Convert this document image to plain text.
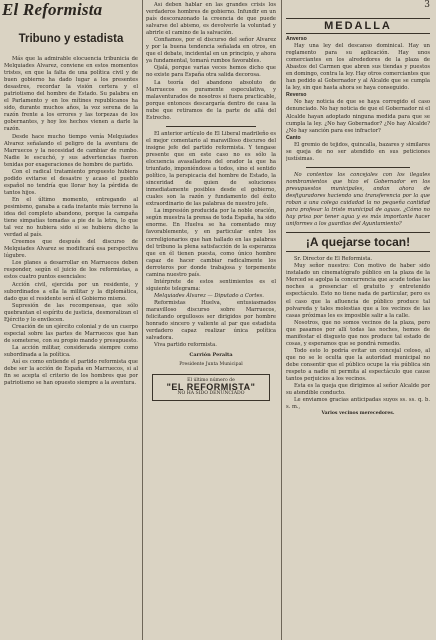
El Reformista	3
Tribuno y estadista

Más que la admirable elocuencia tribunicia de Melquiades Alvarez, conviene en estos momentos tristes, en que la falta de una política civil y de buen gobierno ha dado lugar a los presentes desastres, recordar la visión certera y el patriotismo del hombre de Estado. Su palabra en el Parlamento y en los mítines republicanos ha sido, durante muchos años, la voz serena de la razón frente a los errores y las torpezas de los gobernantes, y hoy los hechos vienen a darle la razón.

Desde hace mucho tiempo venía Melquiades Alvarez señalando el peligro de la aventura de Marruecos y la necesidad de cambiar de rumbo. Nadie le escuchó, y sus advertencias fueron tenidas por exageraciones de hombre de partido.

Con el radical tratamiento propuesto hubiera podido evitarse el desastre y acaso el pueblo español no tendría que llorar hoy la pérdida de tantos hijos.

En el último momento, entregando al pesimismo, ganaba a cada instante más terreno la idea del completo abandono, porque la campaña tiene simpatías tomadas a pie de la letra, lo que tal vez no hubiera sido si se hubiera dicho la verdad al país.

Creemos que después del discurso de Melquiades Alvarez se modificará esa perspectiva lúgubre.

Los planes a desarrollar en Marruecos deben responder, según el juicio de los reformistas, a estos cuatro puntos esenciales:

Acción civil, ejercida por un residente, y subordinados a ella la militar y la diplomática, dado que el residente será el Gobierno mismo.

Supresión de las recompensas, que sólo quebrantan el espíritu de justicia, desmoralizan el Ejército y lo envilecen.

Creación de un ejército colonial y de un cuerpo especial sobre las partes de Marruecos que han de someterse, con su propio mando y presupuesto.

La acción militar, considerada siempre como subordinada a la política.

Así es como entiende el partido reformista que debe ser la acción de España en Marruecos, si al fin se acepta el criterio de los hombres que por patriotismo se han opuesto siempre a la aventura.

Así deben hablar en las grandes crisis los verdaderos hombres de gobierno. Infundir en un país descorazonado la creencia de que puede salvarse del abismo, es devolverle la voluntad y abrirle el camino de la salvación.

Confiamos, por el discurso del señor Alvarez y por la buena tendencia señalada en otros, en que el debate, incidental en un principio, y ahora ya fundamental, tomará rumbos favorables.

Ojalá, porque varias veces hemos dicho que no existe para España otra salida decorosa.

La teoría del abandono absoluto de Marruecos es puramente especulativa, y malaventurados de nosotros si fuera practicable, porque entonces descargaría dentro de casa la nube que retiramos de la parte de allá del Estrecho.

El anterior artículo de El Liberal madrileño es el mejor comentario al maravilloso discurso del insigne jefe del partido reformista. Y tengase presente que en este caso no es sólo la elocuencia avasalladora del orador la que ha triunfado, imponiéndose a todos, sino el sentido político, la perspicacia del hombre de Estado, la sinceridad de quien de soluciones inmediatamente posibles desde el gobierno, cuales son la razón y fundamento del éxito extraordinario de las palabras de nuestro jefe.

La impresión producida por la noble oración, según muestra la prensa de toda España, ha sido enorme. En Huelva se ha comentado muy favorablemente, y en particular entre los correligionarios que han hallado en las palabras del tribuno la plena satisfacción de la esperanza que en él tienen puesta, como único hombre capaz de hacer cambiar radicalmente los derroteros por donde trabajosa y torpemente camina nuestro país.

Intérprete de estos sentimientos es el siguiente telegrama:

Melquiades Álvarez — Diputado a Cortes.

Reformistas Huelva, entusiasmados maravilloso discurso sobre Marruecos, felicitando orgullosos ser dirigidos por hombre honrado sincero y valiente al par que estadista verdadero capaz realizar única política salvadora.

Viva partido reformista.

Carrión Peralta
Presidente Junta Municipal
El último número de
"EL REFORMISTA"
NO HA SIDO DENUNCIADO
MEDALLA
Anverso

Hay una ley del descanso dominical. Hay un reglamento para su aplicación. Hay unos comerciantes en los alrededores de la plaza de Abastos del Carmen que abren sus tiendas y puestos en domingo, contra la ley. Hay otros comerciantes que han pedido al Gobernador y al Alcalde que se cumpla la ley, sin que hasta ahora se haya conseguido.

Reverso

No hay noticia de que se haya corregido el caso denunciado. No hay noticia de que el Gobernador ni el Alcalde hayan adoptado ninguna medida para que se cumpla la ley. ¿No hay Gobernador? ¿No hay Alcalde? ¿No hay sanción para ese infractor?

Canto

El gremio de tejidos, quincalla, bazares y similares se queja de no ser atendido en sus peticiones justísimas.

No contentos los concejales con los ilegales nombramientos que hizo el Gobernador en los presupuestos municipales, andan ahora de desfiguradores haciendo una transferencia por la que roban a una colega cuidadad la no pequeña cantidad para profesar la triste municipal de aguas. ¿Cómo no hay prisa por tener agua y es más importante hacer uniformes a los guardias del Ayuntamiento?

¡A quejarse tocan!

Sr. Director de El Reformista.

Muy señor nuestro: Con motivo de haber sido instalado un cinematógrafo público en la plaza de la Merced se agolpa la concurrencia que acude todas las noches a presenciar el gratuito y entretenido espectáculo. Esto no tiene nada de particular, pero es el caso que la afluencia de público produce tal polvareda y tales molestias que a los vecinos de las casas próximas les es imposible salir a la calle.

Nosotros, que no somos vecinos de la plaza, pero que pasamos por allí todas las noches, hemos de manifestar el disgusto que nos produce tal estado de cosas, y esperamos que se pondrá remedio.

Todo esto lo podría evitar un concejal celoso, al que no se le oculta que la autoridad municipal no debe consentir que el público ocupe la vía pública sin respeto a nadie ni permita al espectáculo que cause tantos perjuicios a los vecinos.

Esta es la queja que dirigimos al señor Alcalde por su atendible conducto.

Le enviamos gracias anticipadas suyos ss. ss. q. b. s. m.,

Varios vecinos merecedores.
